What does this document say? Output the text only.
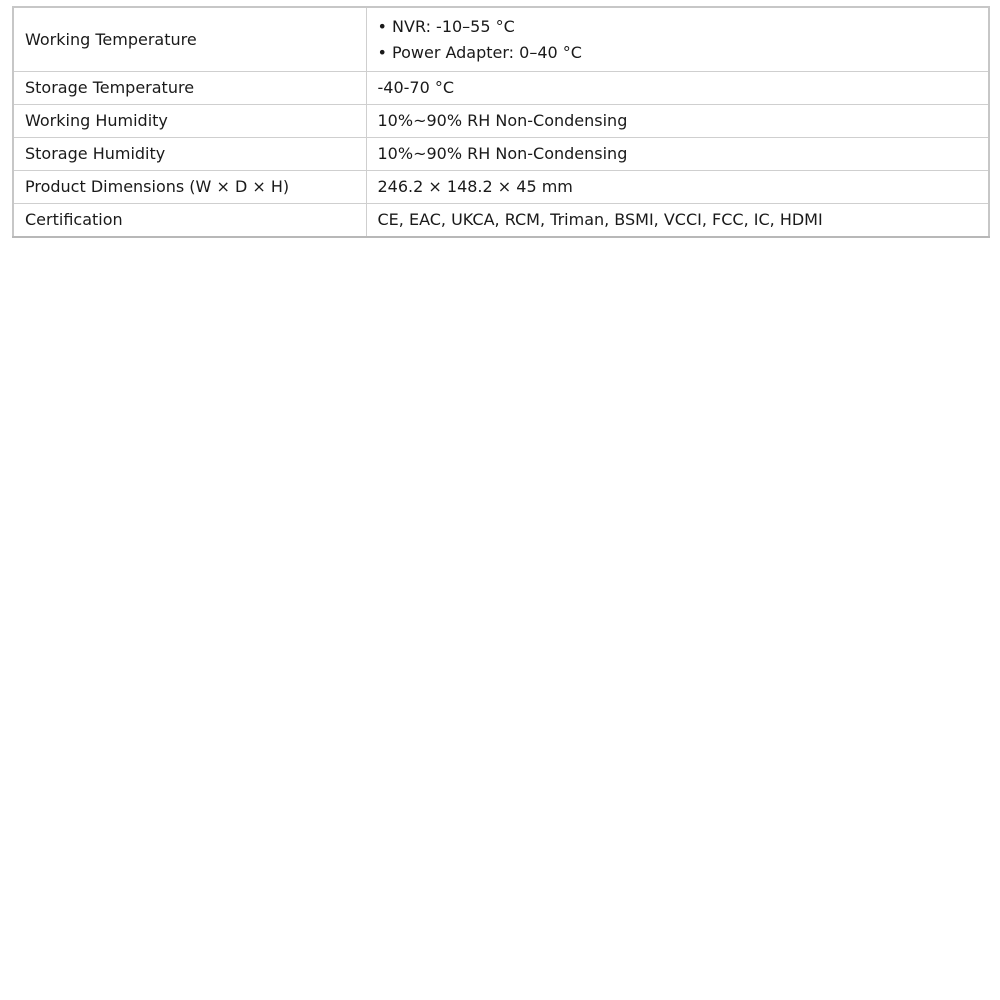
Working Temperature	• NVR: -10–55 °C
• Power Adapter: 0–40 °C

Storage Temperature	-40-70 °C
Working Humidity	10%~90% RH Non-Condensing
Storage Humidity	10%~90% RH Non-Condensing
Product Dimensions (W × D × H)	246.2 × 148.2 × 45 mm
Certification	CE, EAC, UKCA, RCM, Triman, BSMI, VCCI, FCC, IC, HDMI
